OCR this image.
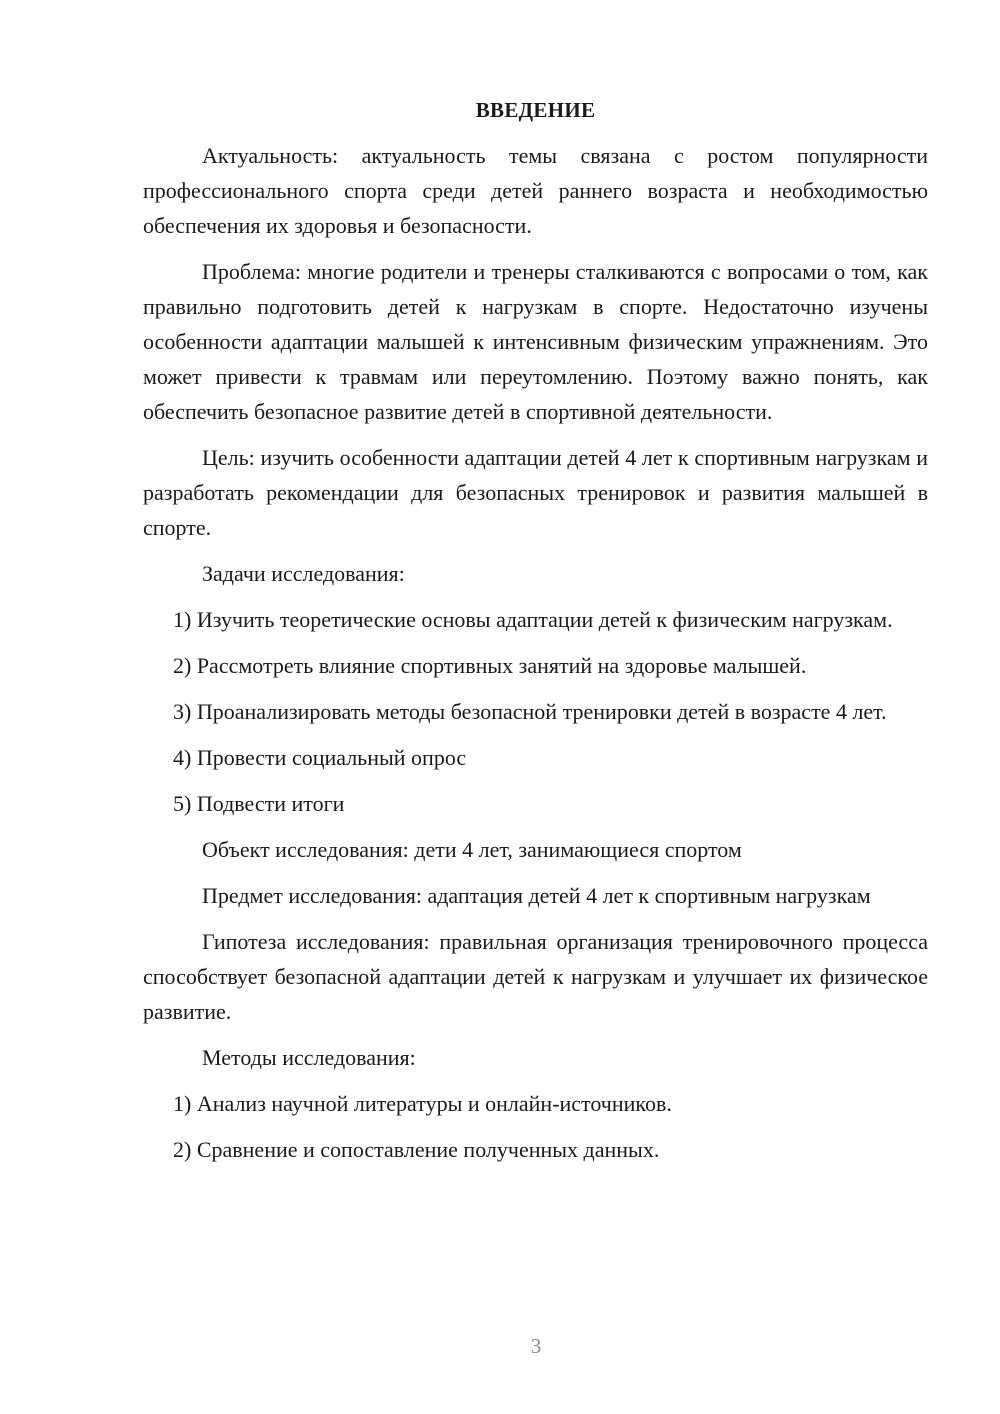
ВВЕДЕНИЕ

Актуальность: актуальность темы связана с ростом популярности профессионального спорта среди детей раннего возраста и необходимостью обеспечения их здоровья и безопасности.

Проблема: многие родители и тренеры сталкиваются с вопросами о том, как правильно подготовить детей к нагрузкам в спорте. Недостаточно изучены особенности адаптации малышей к интенсивным физическим упражнениям. Это может привести к травмам или переутомлению. Поэтому важно понять, как обеспечить безопасное развитие детей в спортивной деятельности.

Цель: изучить особенности адаптации детей 4 лет к спортивным нагрузкам и разработать рекомендации для безопасных тренировок и развития малышей в спорте.

Задачи исследования:

1) Изучить теоретические основы адаптации детей к физическим нагрузкам.

2) Рассмотреть влияние спортивных занятий на здоровье малышей.

3) Проанализировать методы безопасной тренировки детей в возрасте 4 лет.

4) Провести социальный опрос

5) Подвести итоги

Объект исследования: дети 4 лет, занимающиеся спортом

Предмет исследования: адаптация детей 4 лет к спортивным нагрузкам

Гипотеза исследования: правильная организация тренировочного процесса способствует безопасной адаптации детей к нагрузкам и улучшает их физическое развитие.

Методы исследования:

1) Анализ научной литературы и онлайн-источников.

2) Сравнение и сопоставление полученных данных.

3
